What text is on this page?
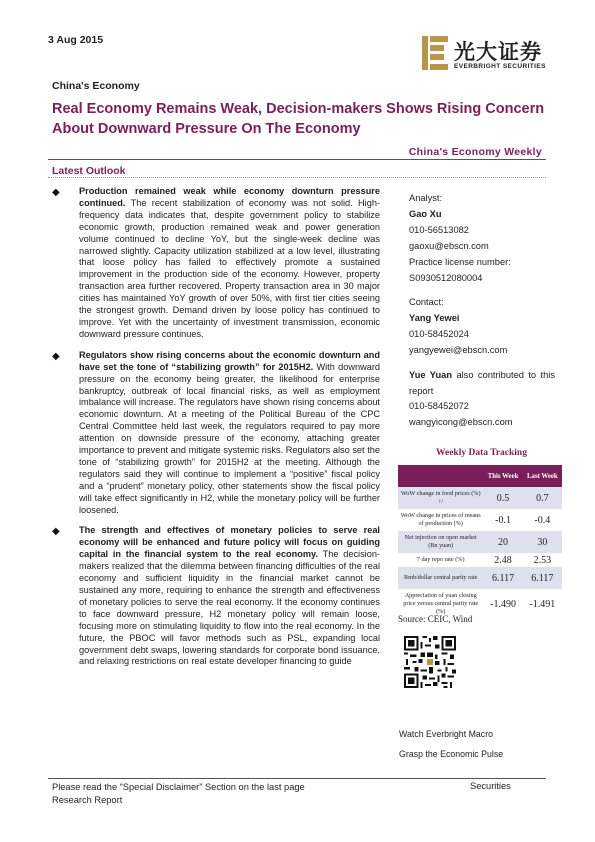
3 Aug 2015	光大证券
EVERBRIGHT SECURITIES
China's Economy
Real Economy Remains Weak, Decision-makers Shows Rising Concern About Downward Pressure On The Economy
China's Economy Weekly
Latest Outlook
◆ Production remained weak while economy downturn pressure continued. The recent stabilization of economy was not solid. High-frequency data indicates that, despite government policy to stabilize economic growth, production remained weak and power generation volume continued to decline YoY, but the single-week decline was narrowed slightly. Capacity utilization stabilized at a low level, illustrating that loose policy has failed to effectively promote a sustained improvement in the production side of the economy. However, property transaction area further recovered. Property transaction area in 30 major cities has maintained YoY growth of over 50%, with first tier cities seeing the strongest growth. Demand driven by loose policy has continued to improve. Yet with the uncertainty of investment transmission, economic downward pressure continues.
◆ Regulators show rising concerns about the economic downturn and have set the tone of “stabilizing growth” for 2015H2. With downward pressure on the economy being greater, the likelihood for enterprise bankruptcy, outbreak of local financial risks, as well as employment imbalance will increase. The regulators have shown rising concerns about economic downturn. At a meeting of the Political Bureau of the CPC Central Committee held last week, the regulators required to pay more attention on downside pressure of the economy, attaching greater importance to prevent and mitigate systemic risks. Regulators also set the tone of “stabilizing growth” for 2015H2 at the meeting. Although the regulators said they will continue to implement a “positive” fiscal policy and a “prudent” monetary policy, other statements show the fiscal policy will take effect significantly in H2, while the monetary policy will be further loosened.
◆ The strength and effectives of monetary policies to serve real economy will be enhanced and future policy will focus on guiding capital in the financial system to the real economy. The decision-makers realized that the dilemma between financing difficulties of the real economy and sufficient liquidity in the financial market cannot be sustained any more, requiring to enhance the strength and effectiveness of monetary policies to serve the real economy. If the economy continues to face downward pressure, H2 monetary policy will remain loose, focusing more on stimulating liquidity to flow into the real economy. In the future, the PBOC will favor methods such as PSL, expanding local government debt swaps, lowering standards for corporate bond issuance, and relaxing restrictions on real estate developer financing to guide
Analyst:
Gao Xu
010-56513082
gaoxu@ebscn.com
Practice license number:
S0930512080004
Contact:
Yang Yewei
010-58452024
yangyewei@ebscn.com
Yue Yuan also contributed to this report
010-58452072
wangyicong@ebscn.com
Weekly Data Tracking
	This Week	Last Week
WoW change in food prices (%) ↑/	0.5	0.7
WoW change in prices of means of production (%)	-0.1	-0.4
Net injection on open market (Bn yuan)	20	30
7 day repo rate (%)	2.48	2.53
Rmb/dollar central parity rate	6.117	6.117
Appreciation of yuan closing price versus central parity rate (%)	-1.490	-1.491
Source: CEIC, Wind
Watch Everbright Macro
Grasp the Economic Pulse
Please read the “Special Disclaimer” Section on the last page
Research Report
Securities
